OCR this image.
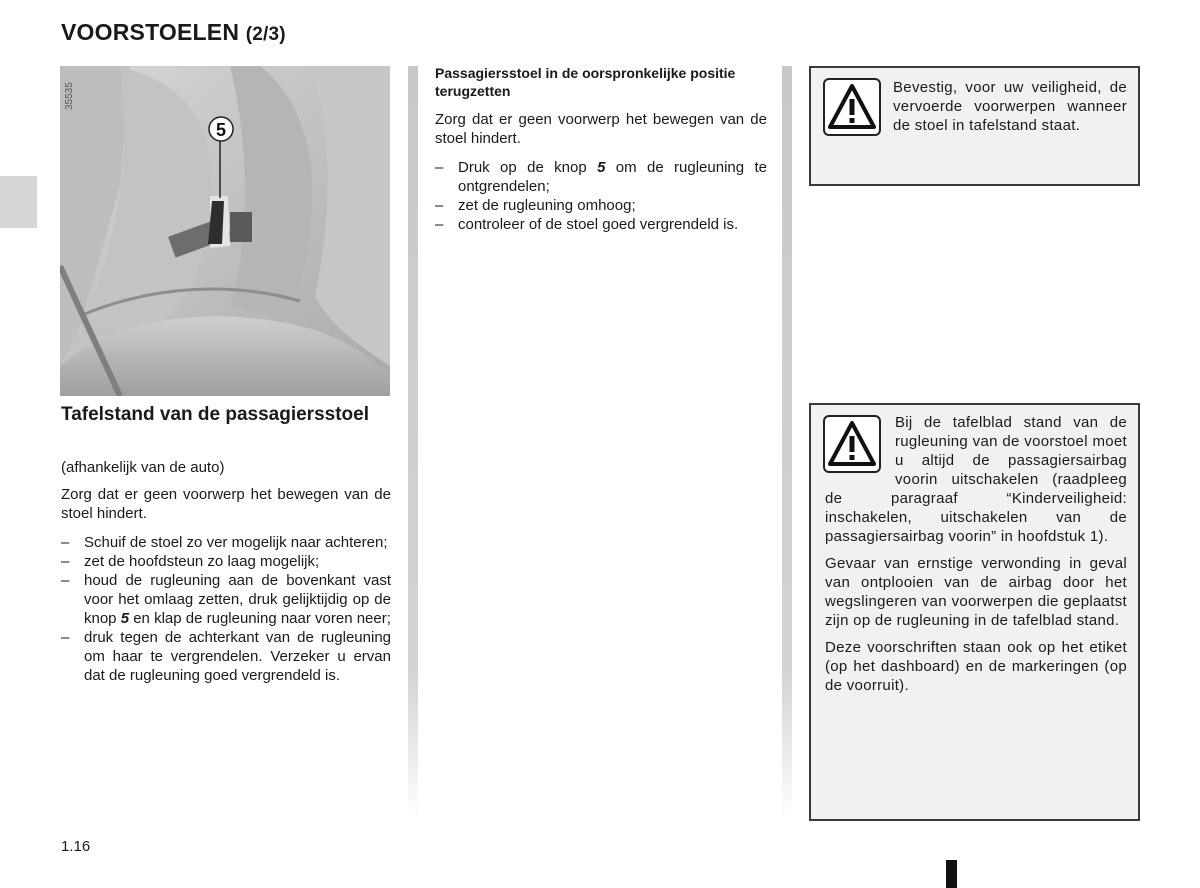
VOORSTOELEN (2/3)
5
35535
Tafelstand van de passagiersstoel
(afhankelijk van de auto)
Zorg dat er geen voorwerp het bewegen van de stoel hindert.
– Schuif de stoel zo ver mogelijk naar achteren;
– zet de hoofdsteun zo laag mogelijk;
– houd de rugleuning aan de bovenkant vast voor het omlaag zetten, druk gelijktijdig op de knop 5 en klap de rugleuning naar voren neer;
– druk tegen de achterkant van de rugleuning om haar te vergrendelen. Verzeker u ervan dat de rugleuning goed vergrendeld is.
Passagiersstoel in de oorspronkelijke positie terugzetten
Zorg dat er geen voorwerp het bewegen van de stoel hindert.
– Druk op de knop 5 om de rugleuning te ontgrendelen;
– zet de rugleuning omhoog;
– controleer of de stoel goed vergrendeld is.
Bevestig, voor uw veiligheid, de vervoerde voorwerpen wanneer de stoel in tafelstand staat.

Bij de tafelblad stand van de rugleuning van de voorstoel moet u altijd de passagiersairbag voorin uitschakelen (raadpleeg de paragraaf “Kinderveiligheid: inschakelen, uitschakelen van de passagiersairbag voorin” in hoofdstuk 1).

Gevaar van ernstige verwonding in geval van ontplooien van de airbag door het wegslingeren van voorwerpen die geplaatst zijn op de rugleuning in de tafelblad stand.

Deze voorschriften staan ook op het etiket (op het dashboard) en de markeringen (op de voorruit).

1.16
